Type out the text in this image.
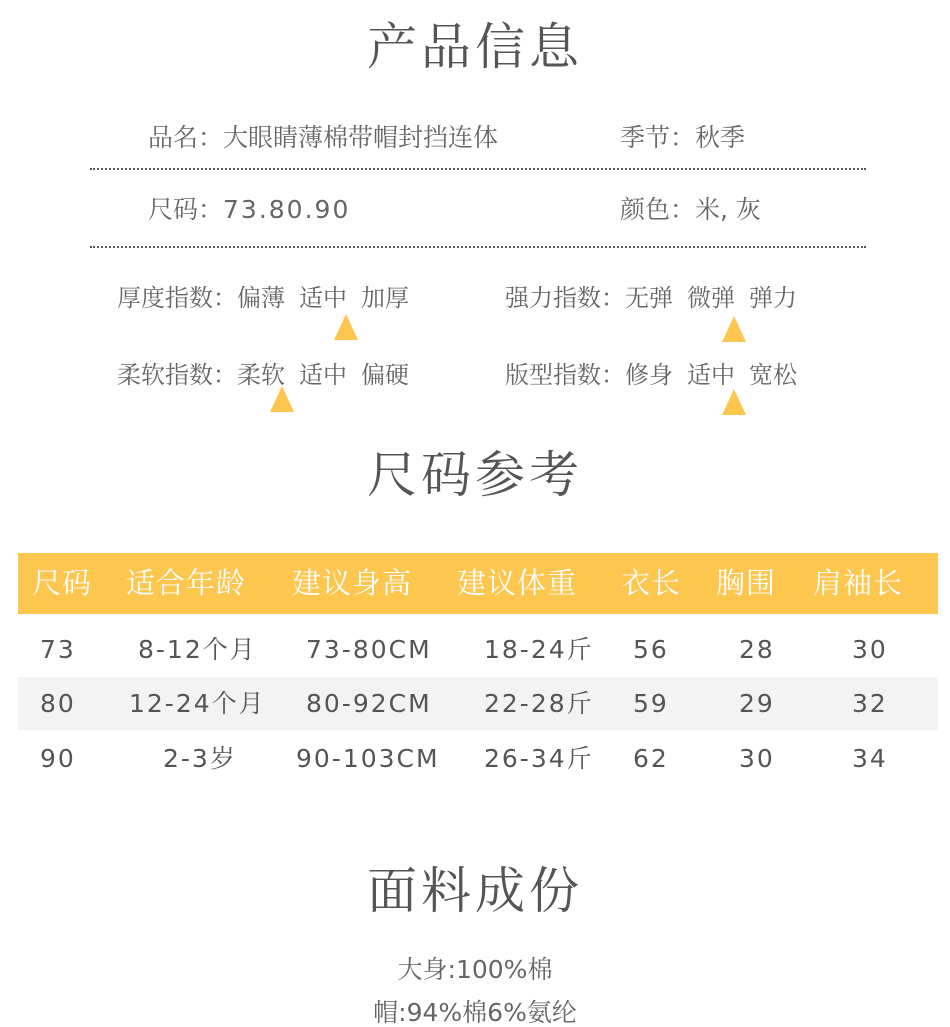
产品信息
品名：大眼睛薄棉带帽封挡连体	季节：秋季
尺码：73.80.90	颜色：米, 灰
厚度指数：偏薄 适中 加厚	强力指数：无弹 微弹 弹力
柔软指数：柔软 适中 偏硬	版型指数：修身 适中 宽松
尺码参考
尺码 适合年龄 建议身高 建议体重 衣长 胸围 肩袖长
73 8-12个月 73-80CM 18-24斤 56	28	30
80 12-24个月 80-92CM 22-28斤 59	29	32
90	2-3岁 90-103CM 26-34斤 62	30	34
面料成份
大身:100%棉
帽:94%棉6%氨纶
